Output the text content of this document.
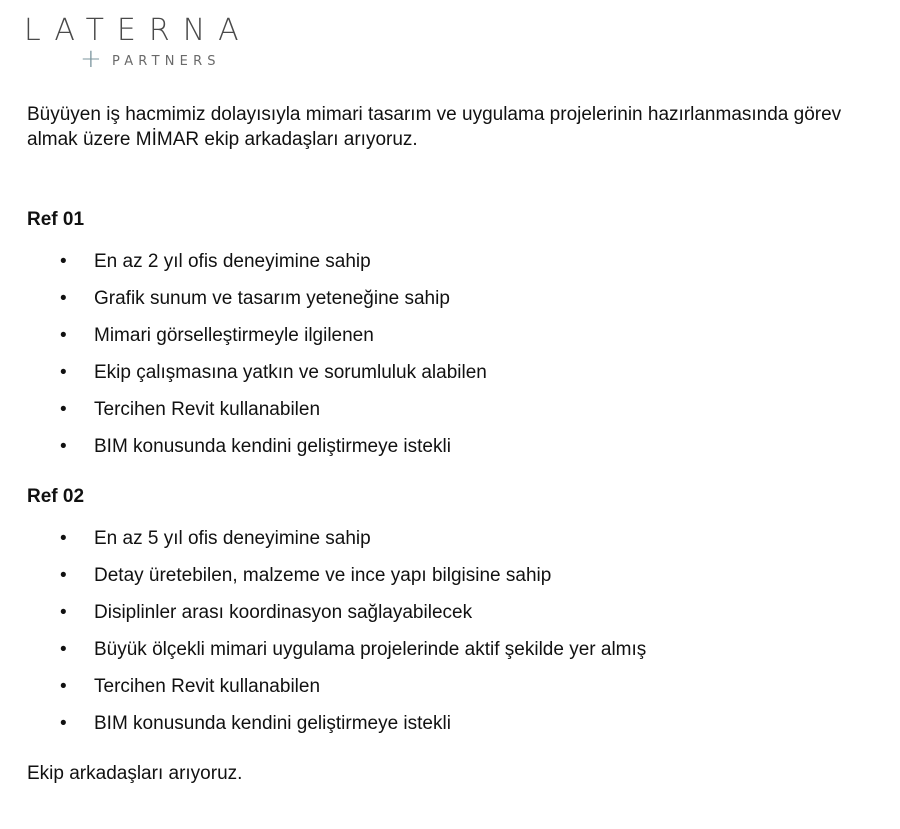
LATERNA
+ PARTNERS

Büyüyen iş hacmimiz dolayısıyla mimari tasarım ve uygulama projelerinin hazırlanmasında görev almak üzere MİMAR ekip arkadaşları arıyoruz.

Ref 01
• En az 2 yıl ofis deneyimine sahip
• Grafik sunum ve tasarım yeteneğine sahip
• Mimari görselleştirmeyle ilgilenen
• Ekip çalışmasına yatkın ve sorumluluk alabilen
• Tercihen Revit kullanabilen
• BIM konusunda kendini geliştirmeye istekli
Ref 02
• En az 5 yıl ofis deneyimine sahip
• Detay üretebilen, malzeme ve ince yapı bilgisine sahip
• Disiplinler arası koordinasyon sağlayabilecek
• Büyük ölçekli mimari uygulama projelerinde aktif şekilde yer almış
• Tercihen Revit kullanabilen
• BIM konusunda kendini geliştirmeye istekli

Ekip arkadaşları arıyoruz.
